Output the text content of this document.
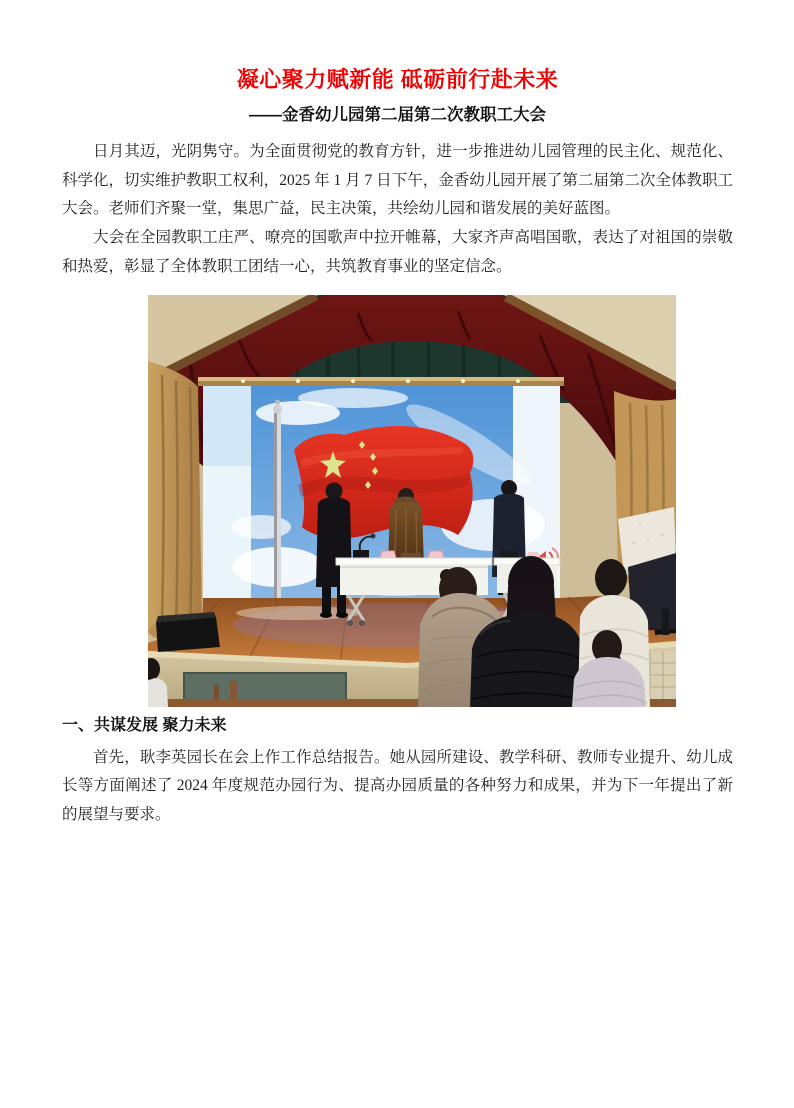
凝心聚力赋新能 砥砺前行赴未来
——金香幼儿园第二届第二次教职工大会

日月其迈，光阴隽守。为全面贯彻党的教育方针，进一步推进幼儿园管理的民主化、规范化、科学化，切实维护教职工权利，2025 年 1 月 7 日下午，金香幼儿园开展了第二届第二次全体教职工大会。老师们齐聚一堂，集思广益，民主决策，共绘幼儿园和谐发展的美好蓝图。

大会在全园教职工庄严、嘹亮的国歌声中拉开帷幕，大家齐声高唱国歌，表达了对祖国的崇敬和热爱，彰显了全体教职工团结一心，共筑教育事业的坚定信念。

一、共谋发展 聚力未来

首先，耿李英园长在会上作工作总结报告。她从园所建设、教学科研、教师专业提升、幼儿成长等方面阐述了 2024 年度规范办园行为、提高办园质量的各种努力和成果，并为下一年提出了新的展望与要求。
